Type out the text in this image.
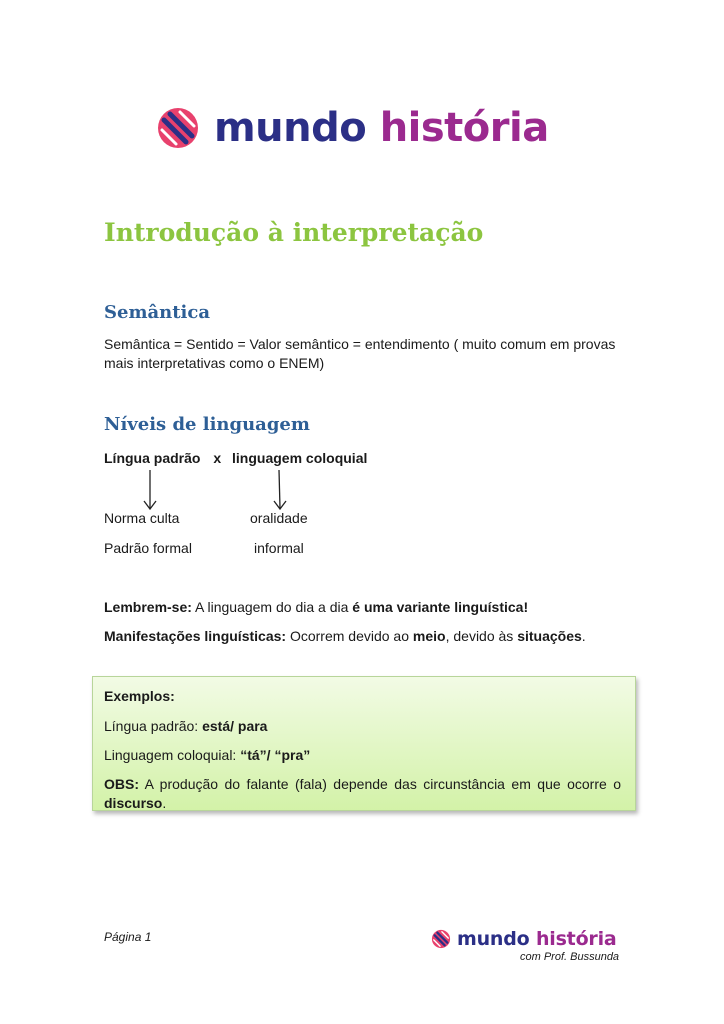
mundo história
Introdução à interpretação
Semântica
Semântica = Sentido = Valor semântico = entendimento ( muito comum em provas
mais interpretativas como o ENEM)
Níveis de linguagem
Língua padrão x linguagem coloquial
Norma culta	oralidade
Padrão formal	informal
Lembrem-se: A linguagem do dia a dia é uma variante linguística!
Manifestações linguísticas: Ocorrem devido ao meio, devido às situações.
Exemplos:
Língua padrão: está/ para
Linguagem coloquial: “tá”/ “pra”
OBS: A produção do falante (fala) depende das circunstância em que ocorre o discurso.
Página 1	mundo história
com Prof. Bussunda
